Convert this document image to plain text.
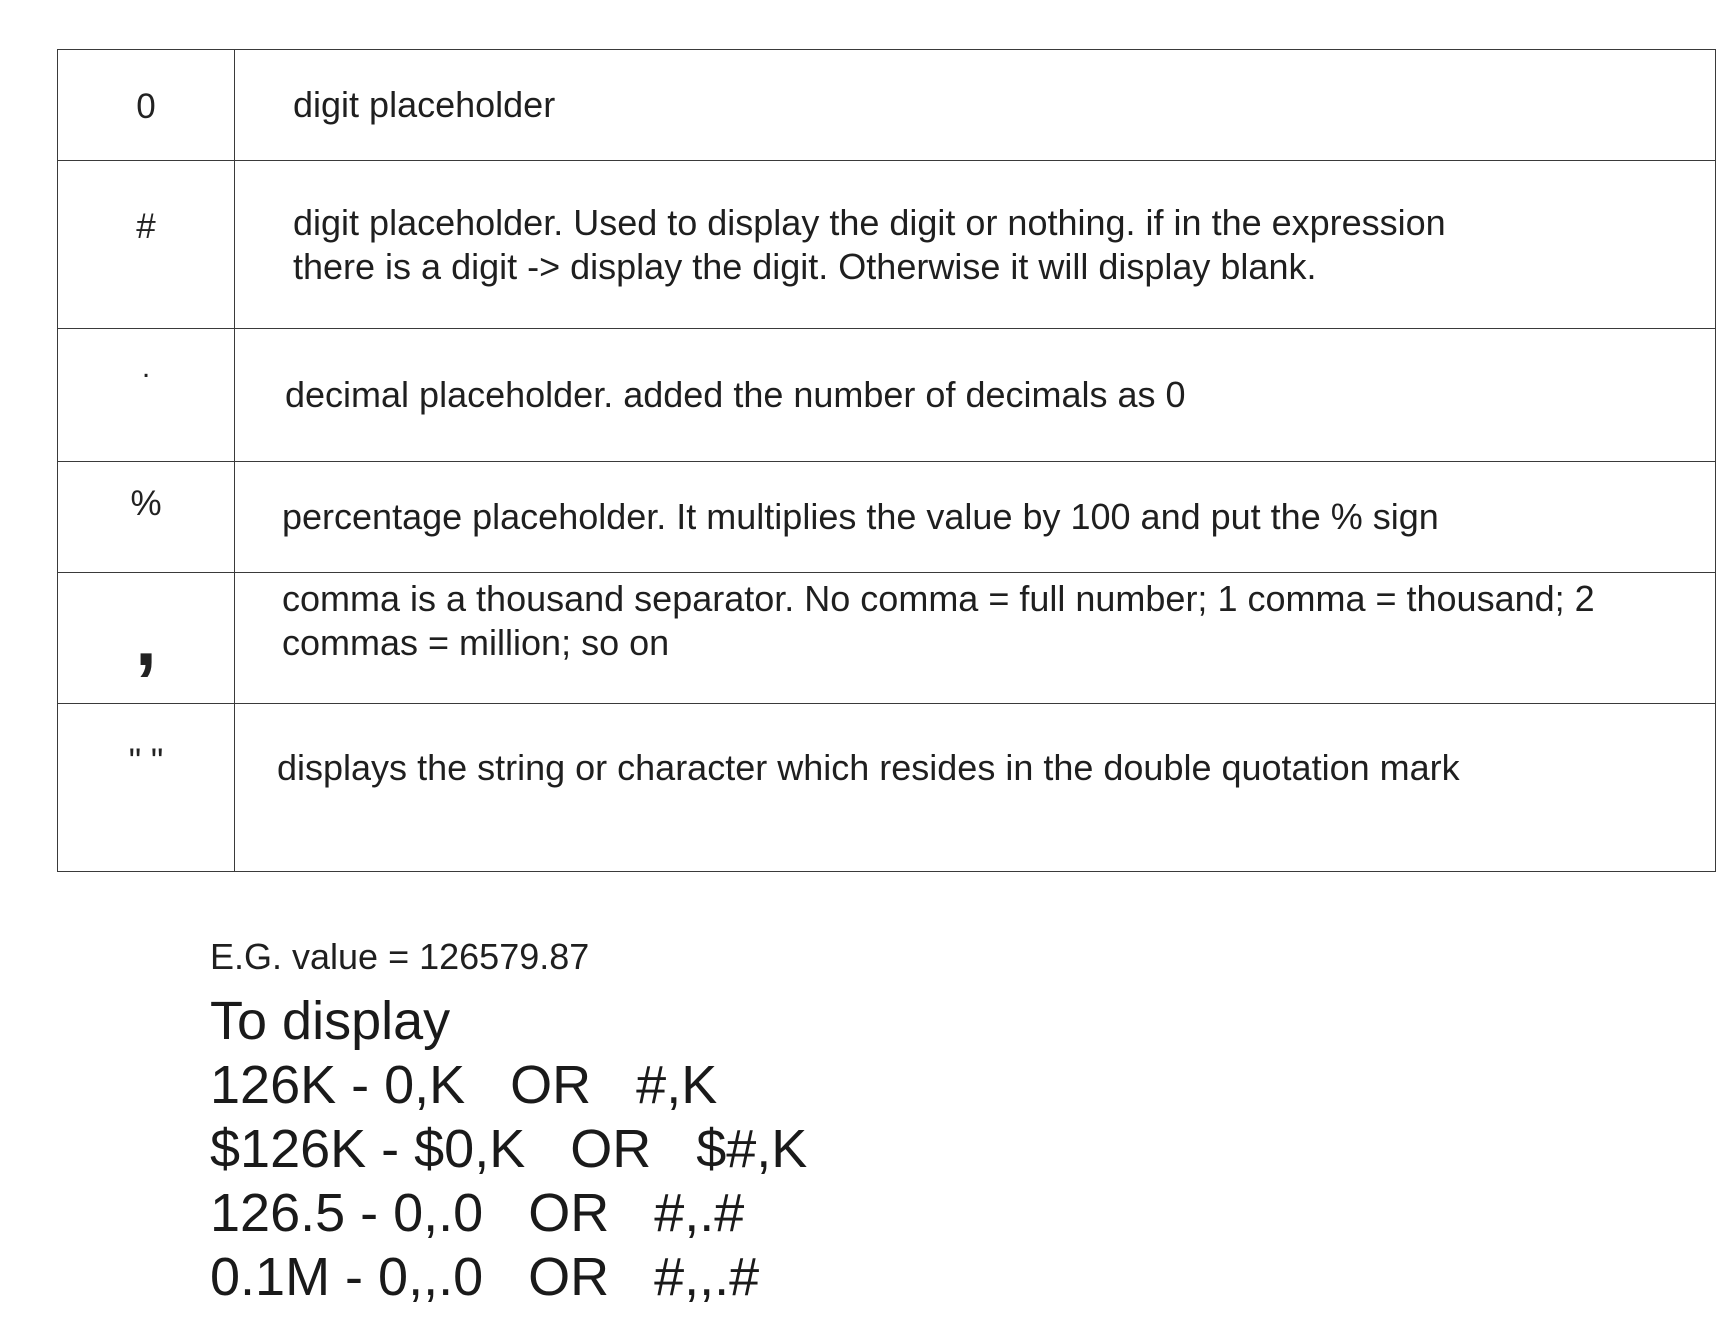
0	digit placeholder
#	digit placeholder. Used to display the digit or nothing. if in the expression there is a digit -> display the digit. Otherwise it will display blank.
.	decimal placeholder. added the number of decimals as 0
%	percentage placeholder. It multiplies the value by 100 and put the % sign
,	comma is a thousand separator. No comma = full number; 1 comma = thousand; 2 commas = million; so on
" "	displays the string or character which resides in the double quotation mark
E.G. value = 126579.87
To display
126K - 0,K   OR   #,K
$126K - $0,K   OR   $#,K
126.5 - 0,.0   OR   #,.#
0.1M - 0,,.0   OR   #,,.#
